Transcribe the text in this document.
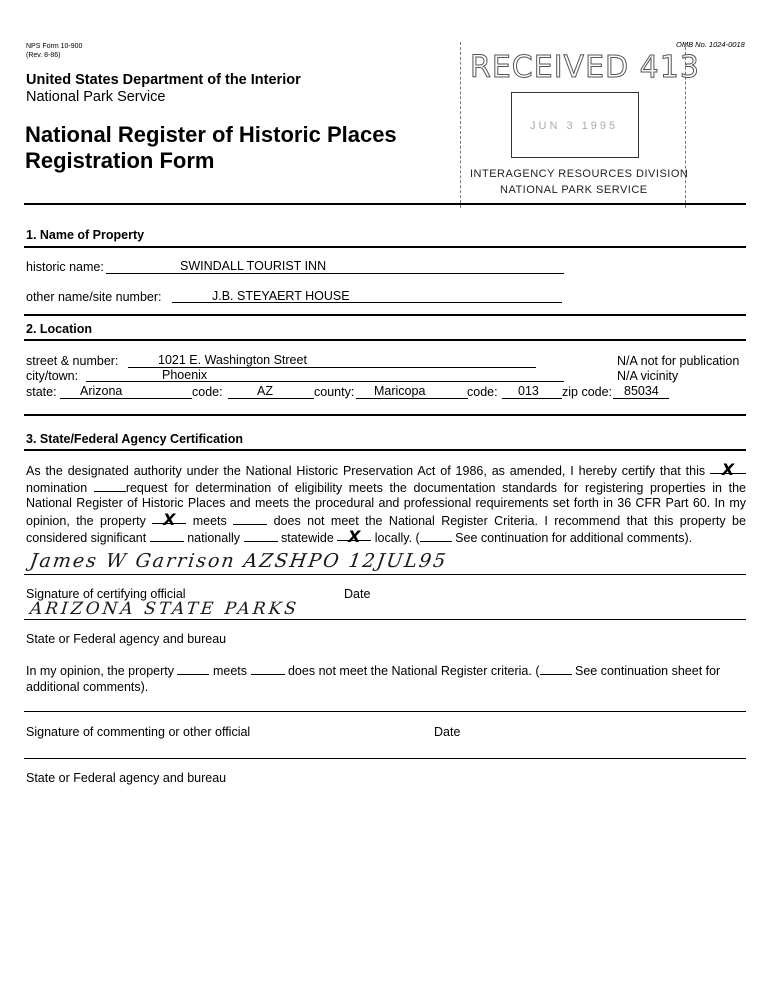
NPS Form 10-900
(Rev. 8-86)
OMB No. 1024-0018
United States Department of the Interior
National Park Service
National Register of Historic Places
Registration Form
RECEIVED 413
JUN 3 1995
INTERAGENCY RESOURCES DIVISION
NATIONAL PARK SERVICE
1. Name of Property
historic name:	SWINDALL TOURIST INN
other name/site number:	J.B. STEYAERT HOUSE
2. Location
street & number:	1021 E. Washington Street	N/A not for publication
city/town:	Phoenix	N/A vicinity
state: Arizona	code:	AZ	county: Maricopa	code: 013 zip code: 85034
3. State/Federal Agency Certification
As the designated authority under the National Historic Preservation Act of 1986, as amended, I hereby certify that this X nomination	request for determination of eligibility meets the documentation standards for registering properties in the National Register of Historic Places and meets the procedural and professional requirements set forth in 36 CFR Part 60. In my opinion, the property X meets	does not meet the National Register Criteria. I recommend that this property be considered significant	nationally	statewide X locally. (	See continuation for additional comments).
James W Garrison AZSHPO 12JUL95
Signature of certifying official	Date
ARIZONA STATE PARKS
State or Federal agency and bureau
In my opinion, the property	meets	does not meet the National Register criteria. (	See continuation sheet for additional comments).
Signature of commenting or other official	Date
State or Federal agency and bureau
